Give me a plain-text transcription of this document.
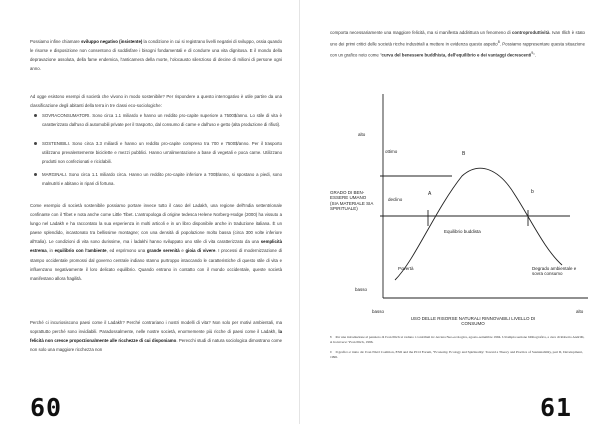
Possiamo infine chiamare sviluppo negativo (insistente) la condizione in cui si registrano livelli negativi di sviluppo, ossia quando le risorse e disposizione non consentono di soddisfare i bisogni fondamentali e di condurre una vita dignitosa. E il mondo della depravazione assoluta, della fame endemica, l'anticamera della morte, l'olocausto silenzioso di decine di milioni di persone ogni anno.

Ad ogge esistono esempi di società che vivono in modo sostenibile? Per rispondere a questo interrogativo è utile partire da una classificazione degli abitanti della terra in tre classi eco-sociologiche:

SOVRACONSUMATORI. Sono circa 1.1 miliardo e hanno un reddito pro-capite superiore a 7500$/anno. Lo stile di vita è caratterizzato dall'uso di automobili private per il trasporto, dal consumo di carne e dall'uso e getto (alta produzione di rifiuti).
SOSTENIBILI. Sono circa 3.3 miliardi e hanno un reddito pro-capite compreso tra 700 e 7500$/anno. Per il trasporto utilizzano prevalentemente biciclette e mezzi pubblici. Hanno un'alimentazione a base di vegetali e poca carne. Utilizzano prodotti non confezionati e riciclabili.
MARGINALI. Sono circa 1.1 miliardo circa. Hanno un reddito pro-capite inferiore a 700$/anno, si spostano a piedi, sono malnutriti e abitano in ripari di fortuna.

Come esempio di società sostenibile possiamo portare invece tutto il caso del Ladakh, una regione dell'India settentrionale confinante con il Tibet e nota anche come Little Tibet. L'antropologa di origine tedesca Helene Norberg-Hodge (2000) ha vissuto a lungo nel Ladakh e ha raccontato la sua esperienza in molti articoli e in un libro disponibile anche in traduzione italiana. È un paese splendido, incastonato tra bellissime montagne; con una densità di popolazione molto bassa (circa 300 volte inferiore all'Italia). Le condizioni di vita sono durissime, ma i ladakhi hanno sviluppato uno stile di vita caratterizzato da una semplicità estrema, in equilibrio con l'ambiente, ed esprimono una grande serenità e gioia di vivere. I processi di modernizzazione di stampo occidentale promossi dal governo centrale indiano stanno purtroppo intaccando le caratteristiche di questo stile di vita e influenzano negativamente il loro delicato equilibrio. Quando entrano in contatto con il mondo occidentale, queste società manifestano allora fragilità.

Perché ci incuriosiscono paesi come il Ladakh? Perché contrariano i nostri modelli di vita? Non solo per motivi ambientali, ma soprattutto perché sono invidiabili. Paradossalmente, nelle nostre società, enormemente più ricche di paesi come il Ladakh, la felicità non cresce proporzionalmente alle ricchezze di cui disponiamo. Perecchi studi di natura sociologica dimostrano come non solo una maggiore ricchezza non

60

comporta necessariamente una maggiore felicità, ma si manifesta addirittura un fenomeno di controproduttività. Ivan Illich è stato uno dei primi critici delle società ricche industriali a mettere in evidenza questo aspetto$^8$. Possiamo rappresentare questa situazione con un grafico noto come "curva del benessere buddhista, dell'equilibrio e dei vantaggi decrescenti$^9$".

alto
ottimo	B
A	b
declino
Equilibrio buddista
GRADO DI BEN-ESSERE UMANO (SIA MATERIALE SIA SPIRITUALE)
Povertà	Degrado ambientale e sovra consumo
basso
basso	alto
USO DELLE RISORSE NATURALI RINNOVABILI LIVELLO DI CONSUMO
8 Per una introduzione al pensiero di Ivan Illich si vedano i contributi in: Arcana Neo-ecologica, agosto-settembre 1994. Un'ampia sezione bibliografica, a cura di Roberto Andrilli, si ha invece: Yvan Illich, 1996.
9 Il grafico è tratto da: Ivan NGO Coalition, ESD and the PCO Forum, "Economy, Ecology and Spirituality: Toward a Theory and Practice of Sustainability, part II, Development, 1996.
61
